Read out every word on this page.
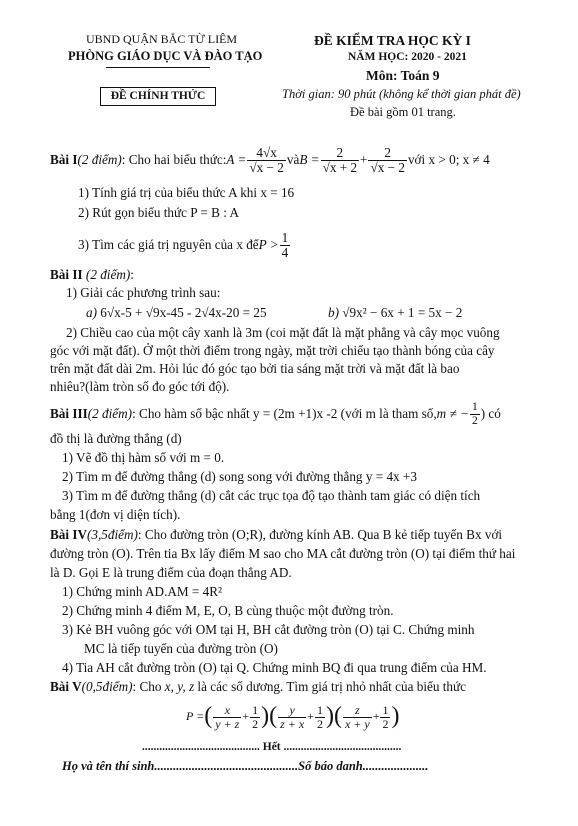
UBND QUẬN BẮC TỪ LIÊM
PHÒNG GIÁO DỤC VÀ ĐÀO TẠO
ĐỀ CHÍNH THỨC
ĐỀ KIỂM TRA HỌC KỲ I
NĂM HỌC: 2020 - 2021
Môn: Toán 9
Thời gian: 90 phút (không kể thời gian phát đề)
Đề bài gồm 01 trang.
Bài I (2 điểm) : Cho hai biểu thức: $A = \frac{4√x}{√x - 2}$ và $B = \frac{2}{√x + 2} + \frac{2}{√x - 2}$ với x > 0; x ≠ 4
1) Tính giá trị của biểu thức A khi x = 16
2) Rút gọn biểu thức P = B : A
3) Tìm các giá trị nguyên của x để $P > \frac{1}{4}$
Bài II (2 điểm):
1) Giải các phương trình sau:
a) 6√x-5 + √9x-45 - 2√4x-20 = 25	b) √9x² − 6x + 1 = 5x − 2
2) Chiều cao của một cây xanh là 3m (coi mặt đất là mặt phẳng và cây mọc vuông
góc với mặt đất). Ở một thời điểm trong ngày, mặt trời chiếu tạo thành bóng của cây
trên mặt đất dài 2m. Hỏi lúc đó góc tạo bởi tia sáng mặt trời và mặt đất là bao
nhiêu?(làm tròn số đo góc tới độ).
Bài III (2 điểm) : Cho hàm số bậc nhất y = (2m +1)x -2 (với m là tham số, m ≠ − $\frac{1}{2}$ ) có
đồ thị là đường thẳng (d)
1) Vẽ đồ thị hàm số với m = 0.
2) Tìm m để đường thẳng (d) song song với đường thẳng y = 4x +3
3) Tìm m để đường thẳng (d) cắt các trục tọa độ tạo thành tam giác có diện tích
bằng 1(đơn vị diện tích).
Bài IV(3,5điểm): Cho đường tròn (O;R), đường kính AB. Qua B kẻ tiếp tuyến Bx với
đường tròn (O). Trên tia Bx lấy điểm M sao cho MA cắt đường tròn (O) tại điểm thứ hai
là D. Gọi E là trung điểm của đoạn thẳng AD.
1) Chứng minh AD.AM = 4R²
2) Chứng minh 4 điểm M, E, O, B cùng thuộc một đường tròn.
3) Kẻ BH vuông góc với OM tại H, BH cắt đường tròn (O) tại C. Chứng minh
MC là tiếp tuyến của đường tròn (O)
4) Tia AH cắt đường tròn (O) tại Q. Chứng minh BQ đi qua trung điểm của HM.
Bài V(0,5điểm): Cho x, y, z là các số dương. Tìm giá trị nhỏ nhất của biểu thức
P = ( $\frac{x}{y + z} + \frac{1}{2}$ )( $\frac{y}{z + x} + \frac{1}{2}$ )( $\frac{z}{x + y} + \frac{1}{2}$ )
......................................... Hết .........................................
Họ và tên thí sinh..............................................Số báo danh.....................
